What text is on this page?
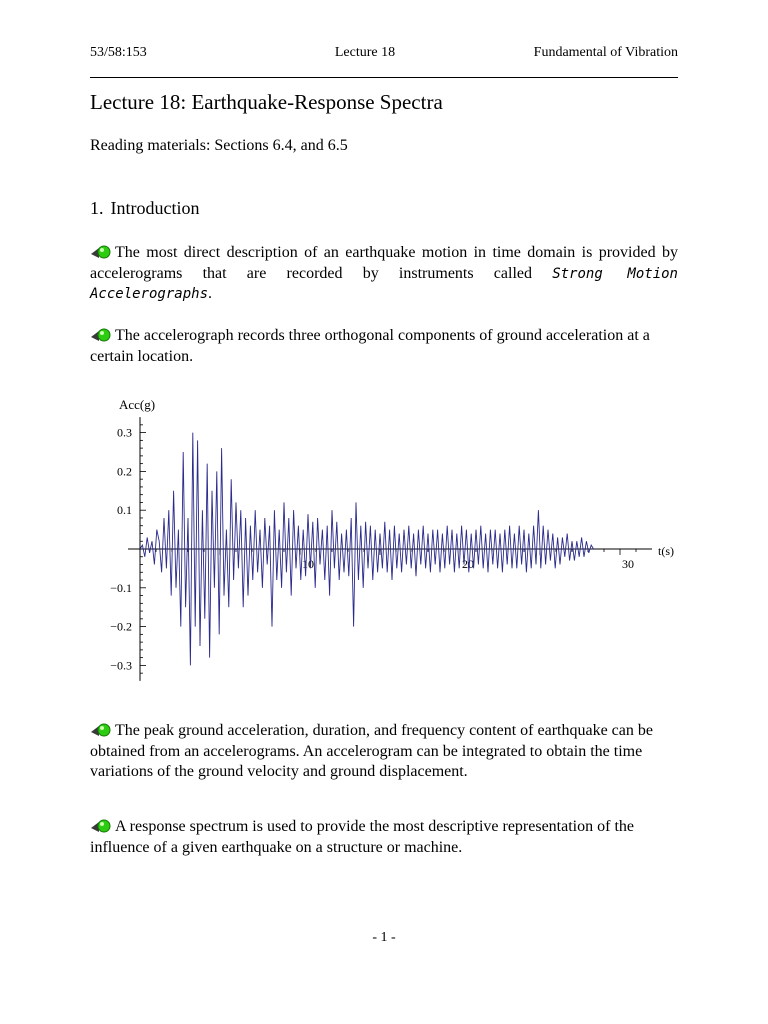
53/58:153	Lecture 18	Fundamental of Vibration
Lecture 18: Earthquake-Response Spectra
Reading materials: Sections 6.4, and 6.5
1. Introduction
The most direct description of an earthquake motion in time domain is provided by accelerograms that are recorded by instruments called Strong Motion Accelerographs.
The accelerograph records three orthogonal components of ground acceleration at a certain location.
0.3
0.2
0.1
−0.1
−0.2
−0.3
10	20	30
Acc(g)
t(s)
The peak ground acceleration, duration, and frequency content of earthquake can be obtained from an accelerograms. An accelerogram can be integrated to obtain the time variations of the ground velocity and ground displacement.
A response spectrum is used to provide the most descriptive representation of the influence of a given earthquake on a structure or machine.
- 1 -
